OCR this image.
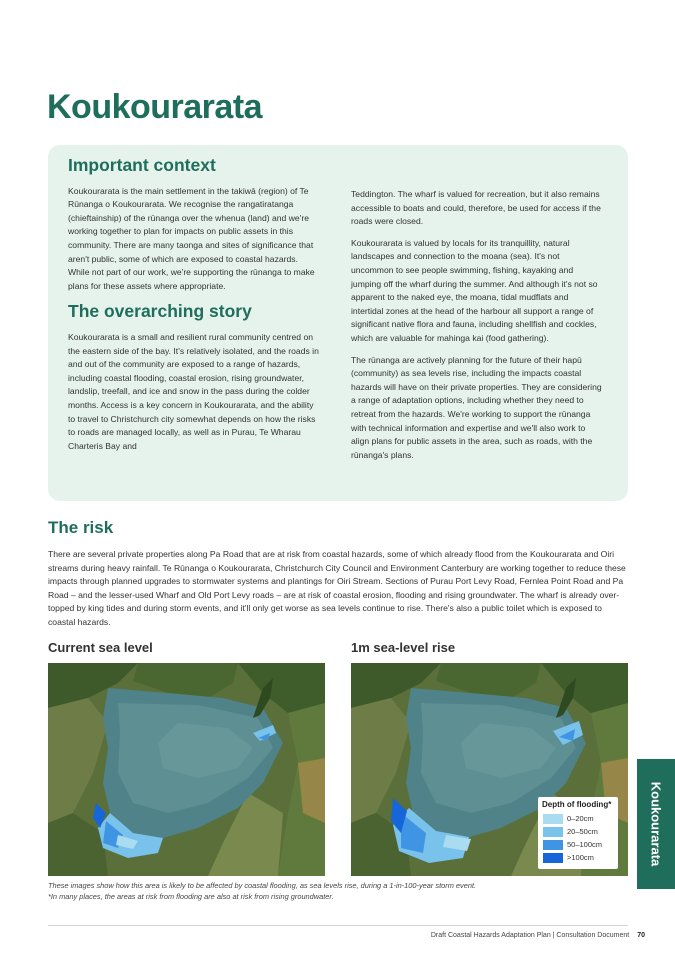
Koukourarata
Important context

Koukourarata is the main settlement in the takiwā (region) of Te Rūnanga o Koukourarata. We recognise the rangatiratanga (chieftainship) of the rūnanga over the whenua (land) and we're working together to plan for impacts on public assets in this community. There are many taonga and sites of significance that aren't public, some of which are exposed to coastal hazards. While not part of our work, we're supporting the rūnanga to make plans for these assets where appropriate.

The overarching story

Koukourarata is a small and resilient rural community centred on the eastern side of the bay. It's relatively isolated, and the roads in and out of the community are exposed to a range of hazards, including coastal flooding, coastal erosion, rising groundwater, landslip, treefall, and ice and snow in the pass during the colder months. Access is a key concern in Koukourarata, and the ability to travel to Christchurch city somewhat depends on how the risks to roads are managed locally, as well as in Purau, Te Wharau Charteris Bay and

Teddington. The wharf is valued for recreation, but it also remains accessible to boats and could, therefore, be used for access if the roads were closed.

Koukourarata is valued by locals for its tranquillity, natural landscapes and connection to the moana (sea). It's not uncommon to see people swimming, fishing, kayaking and jumping off the wharf during the summer. And although it's not so apparent to the naked eye, the moana, tidal mudflats and intertidal zones at the head of the harbour all support a range of significant native flora and fauna, including shellfish and cockles, which are valuable for mahinga kai (food gathering).

The rūnanga are actively planning for the future of their hapū (community) as sea levels rise, including the impacts coastal hazards will have on their private properties. They are considering a range of adaptation options, including whether they need to retreat from the hazards. We're working to support the rūnanga with technical information and expertise and we'll also work to align plans for public assets in the area, such as roads, with the rūnanga's plans.

The risk

There are several private properties along Pa Road that are at risk from coastal hazards, some of which already flood from the Koukourarata and Oiri streams during heavy rainfall. Te Rūnanga o Koukourarata, Christchurch City Council and Environment Canterbury are working together to reduce these impacts through planned upgrades to stormwater systems and plantings for Oiri Stream. Sections of Purau Port Levy Road, Fernlea Point Road and Pa Road – and the lesser-used Wharf and Old Port Levy roads – are at risk of coastal erosion, flooding and rising groundwater. The wharf is already over-topped by king tides and during storm events, and it'll only get worse as sea levels continue to rise. There's also a public toilet which is exposed to coastal hazards.

Current sea level	1m sea-level rise
Depth of flooding*
0–20cm
20–50cm
50–100cm
>100cm
These images show how this area is likely to be affected by coastal flooding, as sea levels rise, during a 1-in-100-year storm event.
*In many places, the areas at risk from flooding are also at risk from rising groundwater.
Koukourarata
Draft Coastal Hazards Adaptation Plan | Consultation Document 70
